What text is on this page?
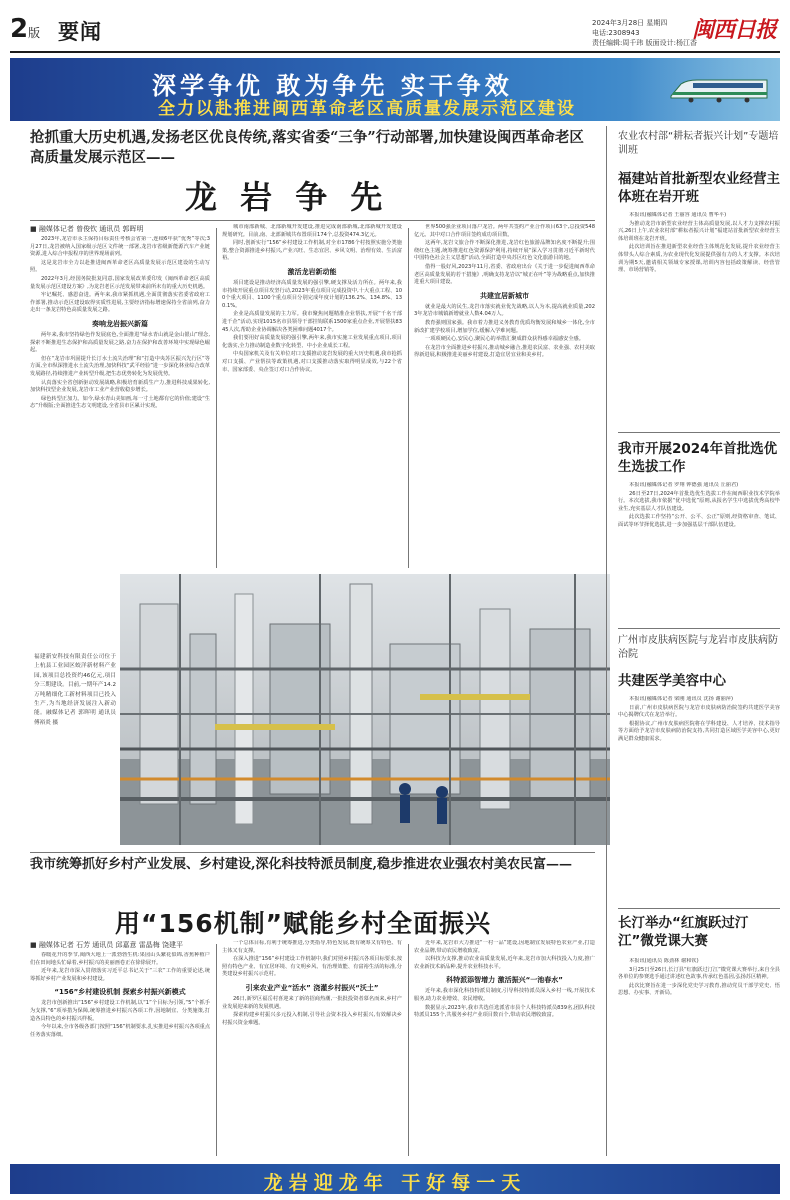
2版 要闻	2024年3月28日 星期四
电话:2308943
责任编辑:周千玮 版面设计:杨江香
闽西日报
深学争优 敢为争先 实干争效
全力以赴推进闽西革命老区高质量发展示范区建设
抢抓重大历史机遇,发扬老区优良传统,落实省委“三争”行动部署,加快建设闽西革命老区高质量发展示范区——
龙 岩 争 先
■ 融媒体记者 曾俊钦 通讯员 郭晖明

2023年,龙岩市永主保持目标责任考核会省第一,连续6年获“优秀”等次;3月27日,龙岩被纳入国家级示范区文件统一部署,龙岩市省级新能源汽车产业链资源,进入综合申报程序的世界现场前列。

这是龙岩市全力以赴推进闽西革命老区高质量发展示范区建设的生动写照。

2022年3月,经国务院批复同意,国家发展改革委印发《闽西革命老区高质量发展示范区建设方案》,为龙岩老区示范发展带来前所未有的重大历史机遇。

牢记嘱托、感恩奋进。两年来,我市紧抓机遇,全面贯彻落实省委省政府工作部署,推动示范区建设取得实质性进展,主要经济指标增速保持全省前列,奋力走出一条龙岩特色高质量发展之路。

奏响龙岩振兴新篇

两年来,我市坚持绿色作发展底色,全面推进“绿水青山就是金山银山”理念,探索不断推进生态保护和高质量发展之路,奋力在保护和改善环境中实现绿色崛起。

但在“龙岩市巩固提升长汀水土流失治理”和“打造中央苏区振兴先行区”等方面,全市纵深推进水土流失治理,加快科技“武平经验”进一步深化林业综合改革发展路径,持续推进产业转型升级,把生态优势转化为发展优势。

认真落实全省创新驱动发展战略,积极培育新质生产力,推进科技成果转化,加快科技型企业发展,龙岩市工业产业营收稳步增长。

绿色转型正加力。如今,绿水青山美如画,每一寸土地都有它的价值;建设“生态”升级版;全面推进生态文明建设,全省县市区累计实现。

城市南部新城、北部新城开发建设,推进完成南部新城,北部新城开发建设规划研究。目前,南、北部新城共布置项目174个,总投资474.3亿元。

同时,创新实行“156”乡村建设工作机制,对全市1786个村按照实施分类施策,整合资源推进乡村振兴,产业兴旺、生态宜居、乡风文明、治理有效、生活富裕。

激活龙岩新动能

项目建设是推动经济高质量发展的强引擎,硬支撑及活力所在。两年来,我市持续开展重点项目攻坚行动,2023年重点项目完成投资中,十大重点工程、100个重大项目、1100个重点项目分别完成年度计划的136.2%、134.8%、130.1%。

企业是高质量发展的主力军。我市聚焦问题精准企业帮扶,开展“千名干部进千企”活动,实现1015名市县领导干部挂钩联系1500家重点企业,开展帮扶8345人次,帮助企业协调解决各类困难问题4017个。

我们要用好高质量发展的强引擎,两年来,我市实施工业发展重点项目,项目化落实,全力推动制造业数字化转型、中小企业成长工程。

中央国家机关及有关单位对口支援推动龙岩发展的重大历史机遇,我市抢抓对口支援、产业帮扶等政策机遇,对口支援推动落实取得明显成效,与22个省市、国家部委、央企签订对口合作协议。

世界500强企业项目落户龙岩。两年共签约产业合作项目63个,总投资548亿元。其中对口合作项目签约成功项目数。

这两年,龙岩文旅合作不断深化推进,龙岩红色旅游品牌知名度不断提升;围绕红色主题,统筹推进红色资源保护利用,持续开展“深入学习贯彻习近平新时代中国特色社会主义思想”活动,全面打造中央苏区红色文化旅游目的地。

借得一股好风,2023年11月,省委、省政府出台《关于进一步促进闽西革命老区高质量发展的若干措施》,明确支持龙岩以“城正在叶”等为战略重点,加快推进重大项目建设。

共建宜居新城市

就业是最大的民生,龙岩市落实就业优先战略,以人为本,提高就业质量,2023年龙岩市城镇新增就业人数4.04万人。

教育强则国家强。我市着力推进义务教育优质均衡发展和城乡一体化,全市新改扩建学校项目,增加学位,缓解入学难问题。

一项项硬民心,安民心,聚民心的举措汇聚成群众获得感幸福感安全感。

在龙岩市全面推进乡村振兴,推动城乡融合,推进农民富、农业强、农村美取得新进展,积极推进美丽乡村建设,打造宜居宜业和美乡村。

福建新安科技有限责任公司位于上杭县工业园区蛟洋新材料产业园,该项目总投资约46亿元,项目分三期建设。目前,一期年产14.2万吨精细化工新材料项目已投入生产,为当地经济发展注入新动能。融媒体记者 郭晖明 通讯员 傅裕炎 摄
我市统筹抓好乡村产业发展、乡村建设,深化科技特派员制度,稳步推进农业强农村美农民富——
用“156机制”赋能乡村全面振兴
■ 融媒体记者 石芳 通讯员 邱嘉意 雷晶梅 饶建平

春暖花开的季节,闽西大地上一派勃勃生机:果园山头繁花似锦,香蕉种植户们在田间地头忙碌着,乡村振兴的美丽画卷正在徐徐展开。

近年来,龙岩市深入贯彻落实习近平总书记关于“三农”工作的重要论述,统筹抓好乡村产业发展和乡村建设。

“156”乡村建设机制 探索乡村振兴新模式

龙岩市创新推出“156”乡村建设工作机制,以“1”个目标为引领,“5”个抓手为支撑,“6”项举措为保障,统筹推进乡村振兴各项工作,因地制宜、分类施策,打造各具特色的乡村振兴样板。

今年以来,全市各级各部门按照“156”机制要求,扎实推进乡村振兴各项重点任务落实落细。

一个总体目标,有利于统筹推进,分类指导,特色发展,既有统筹又有特色、有主体又有支撑。

在深入推进“156”乡村建设工作机制中,我们对照乡村振兴各项目标要求,按照有特色产业、有宜居环境、有文明乡风、有治理效能、有富裕生活的标准,分类建设乡村振兴示范村。

引来农业产业“活水” 浇灌乡村振兴“沃土”

26日,新罗区福岳村喜迎来了新的招商热潮,一批批投资者慕名而来,乡村产业发展迎来新的发展机遇。

探索构建乡村振兴多元投入机制,引导社会资本投入乡村振兴,有效解决乡村振兴资金难题。

近年来,龙岩市大力推进“一村一品”建设,因地制宜发展特色农业产业,打造农业品牌,带动农民增收致富。

以科技为支撑,推动农业高质量发展,近年来,龙岩市加大科技投入力度,推广农业新技术新品种,提升农业科技水平。

科特派添智增力 激活振兴“一池春水”

近年来,我市深化科技特派员制度,引导科技特派员深入乡村一线,开展技术服务,助力农业增效、农民增收。

数据显示,2023年,我市共选任选派省市县个人科技特派员839名,团队科技特派员155个,共服务乡村产业项目数百个,带动农民增收致富。

农业农村部“耕耘者振兴计划”专题培训班
福建站首批新型农业经营主体班在岩开班

本报讯(融媒体记者 王丽容 通讯员 曹华平)

为推动龙岩市新型农业经营主体高质量发展,以人才力支撑农村振兴,26日上午,农业农村部“耕耘者振兴计划”福建站首批新型农业经营主体培训班在龙岩开班。

此次培训旨在推进新型农业经营主体规范化发展,提升农业经营主体带头人综合素质,为农业现代化发展提供强有力的人才支撑。本次培训为期5天,邀请相关领域专家授课,培训内容包括政策解读、经营管理、市场营销等。

我市开展2024年首批选优生选拔工作

本报讯(融媒体记者 罗翔 钟德强 通讯员 丘丽君)

26日至27日,2024年首批选优生选拔工作在闽西职业技术学院举行。本次选拔,我市依据“优中选优”原则,从报名学生中选拔优秀高校毕业生,充实基层人才队伍建设。

此次选拔工作坚持“公开、公平、公正”原则,经资格审查、笔试、面试等环节择优选拔,进一步加强基层干部队伍建设。

广州市皮肤病医院与龙岩市皮肤病防治院
共建医学美容中心

本报讯(融媒体记者 梁刚 通讯员 沈扬 谢丽萍)

日前,广州市皮肤病医院与龙岩市皮肤病防治院签约共建医学美容中心揭牌仪式在龙岩举行。

根据协议,广州市皮肤病医院将在学科建设、人才培养、技术指导等方面给予龙岩市皮肤病防治院支持,共同打造区域医学美容中心,更好满足群众健康需求。

长汀举办“红旗跃过汀江”微党课大赛

本报讯(通讯员 陈劲林 谢和钦)

3月25日至26日,长汀县“红旗跃过汀江”微党课大赛举行,来自全县各单位的参赛选手通过讲述红色故事,传承红色基因,弘扬苏区精神。

此次比赛旨在进一步深化党史学习教育,推动党员干部学党史、悟思想、办实事、开新局。

龙岩迎龙年 干好每一天
